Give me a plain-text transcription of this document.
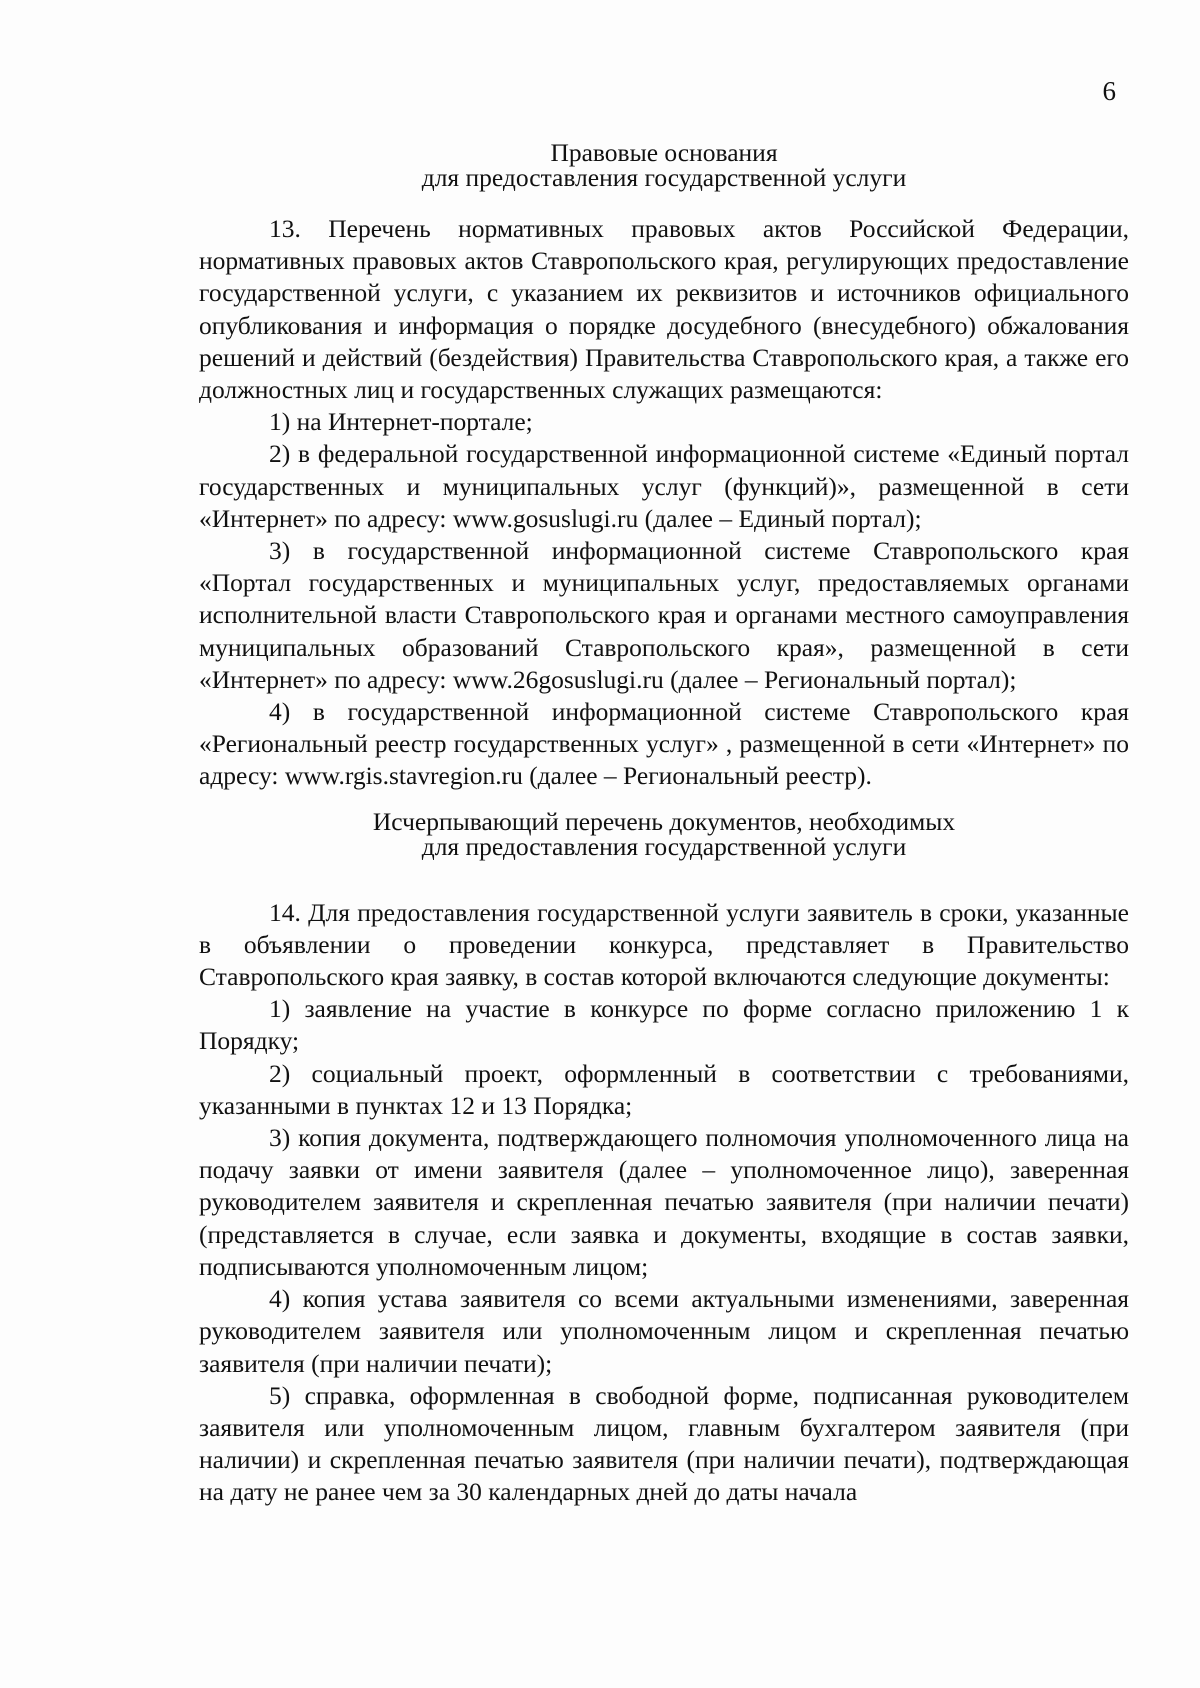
6
Правовые основания
для предоставления государственной услуги

13. Перечень нормативных правовых актов Российской Федерации, нормативных правовых актов Ставропольского края, регулирующих предоставление государственной услуги, с указанием их реквизитов и источников официального опубликования и информация о порядке досудебного (внесудебного) обжалования решений и действий (бездействия) Правительства Ставропольского края, а также его должностных лиц и государственных служащих размещаются:

1) на Интернет-портале;

2) в федеральной государственной информационной системе «Единый портал государственных и муниципальных услуг (функций)», размещенной в сети «Интернет» по адресу: www.gosuslugi.ru (далее – Единый портал);

3) в государственной информационной системе Ставропольского края «Портал государственных и муниципальных услуг, предоставляемых органами исполнительной власти Ставропольского края и органами местного самоуправления муниципальных образований Ставропольского края», размещенной в сети «Интернет» по адресу: www.26gosuslugi.ru (далее – Региональный портал);

4) в государственной информационной системе Ставропольского края «Региональный реестр государственных услуг» , размещенной в сети «Интернет» по адресу: www.rgis.stavregion.ru (далее – Региональный реестр).

Исчерпывающий перечень документов, необходимых
для предоставления государственной услуги

14. Для предоставления государственной услуги заявитель в сроки, указанные в объявлении о проведении конкурса, представляет в Правительство Ставропольского края заявку, в состав которой включаются следующие документы:

1) заявление на участие в конкурсе по форме согласно приложению 1 к Порядку;

2) социальный проект, оформленный в соответствии с требованиями, указанными в пунктах 12 и 13 Порядка;

3) копия документа, подтверждающего полномочия уполномоченного лица на подачу заявки от имени заявителя (далее – уполномоченное лицо), заверенная руководителем заявителя и скрепленная печатью заявителя (при наличии печати) (представляется в случае, если заявка и документы, входящие в состав заявки, подписываются уполномоченным лицом;

4) копия устава заявителя со всеми актуальными изменениями, заверенная руководителем заявителя или уполномоченным лицом и скрепленная печатью заявителя (при наличии печати);

5) справка, оформленная в свободной форме, подписанная руководителем заявителя или уполномоченным лицом, главным бухгалтером заявителя (при наличии) и скрепленная печатью заявителя (при наличии печати), подтверждающая на дату не ранее чем за 30 календарных дней до даты начала
